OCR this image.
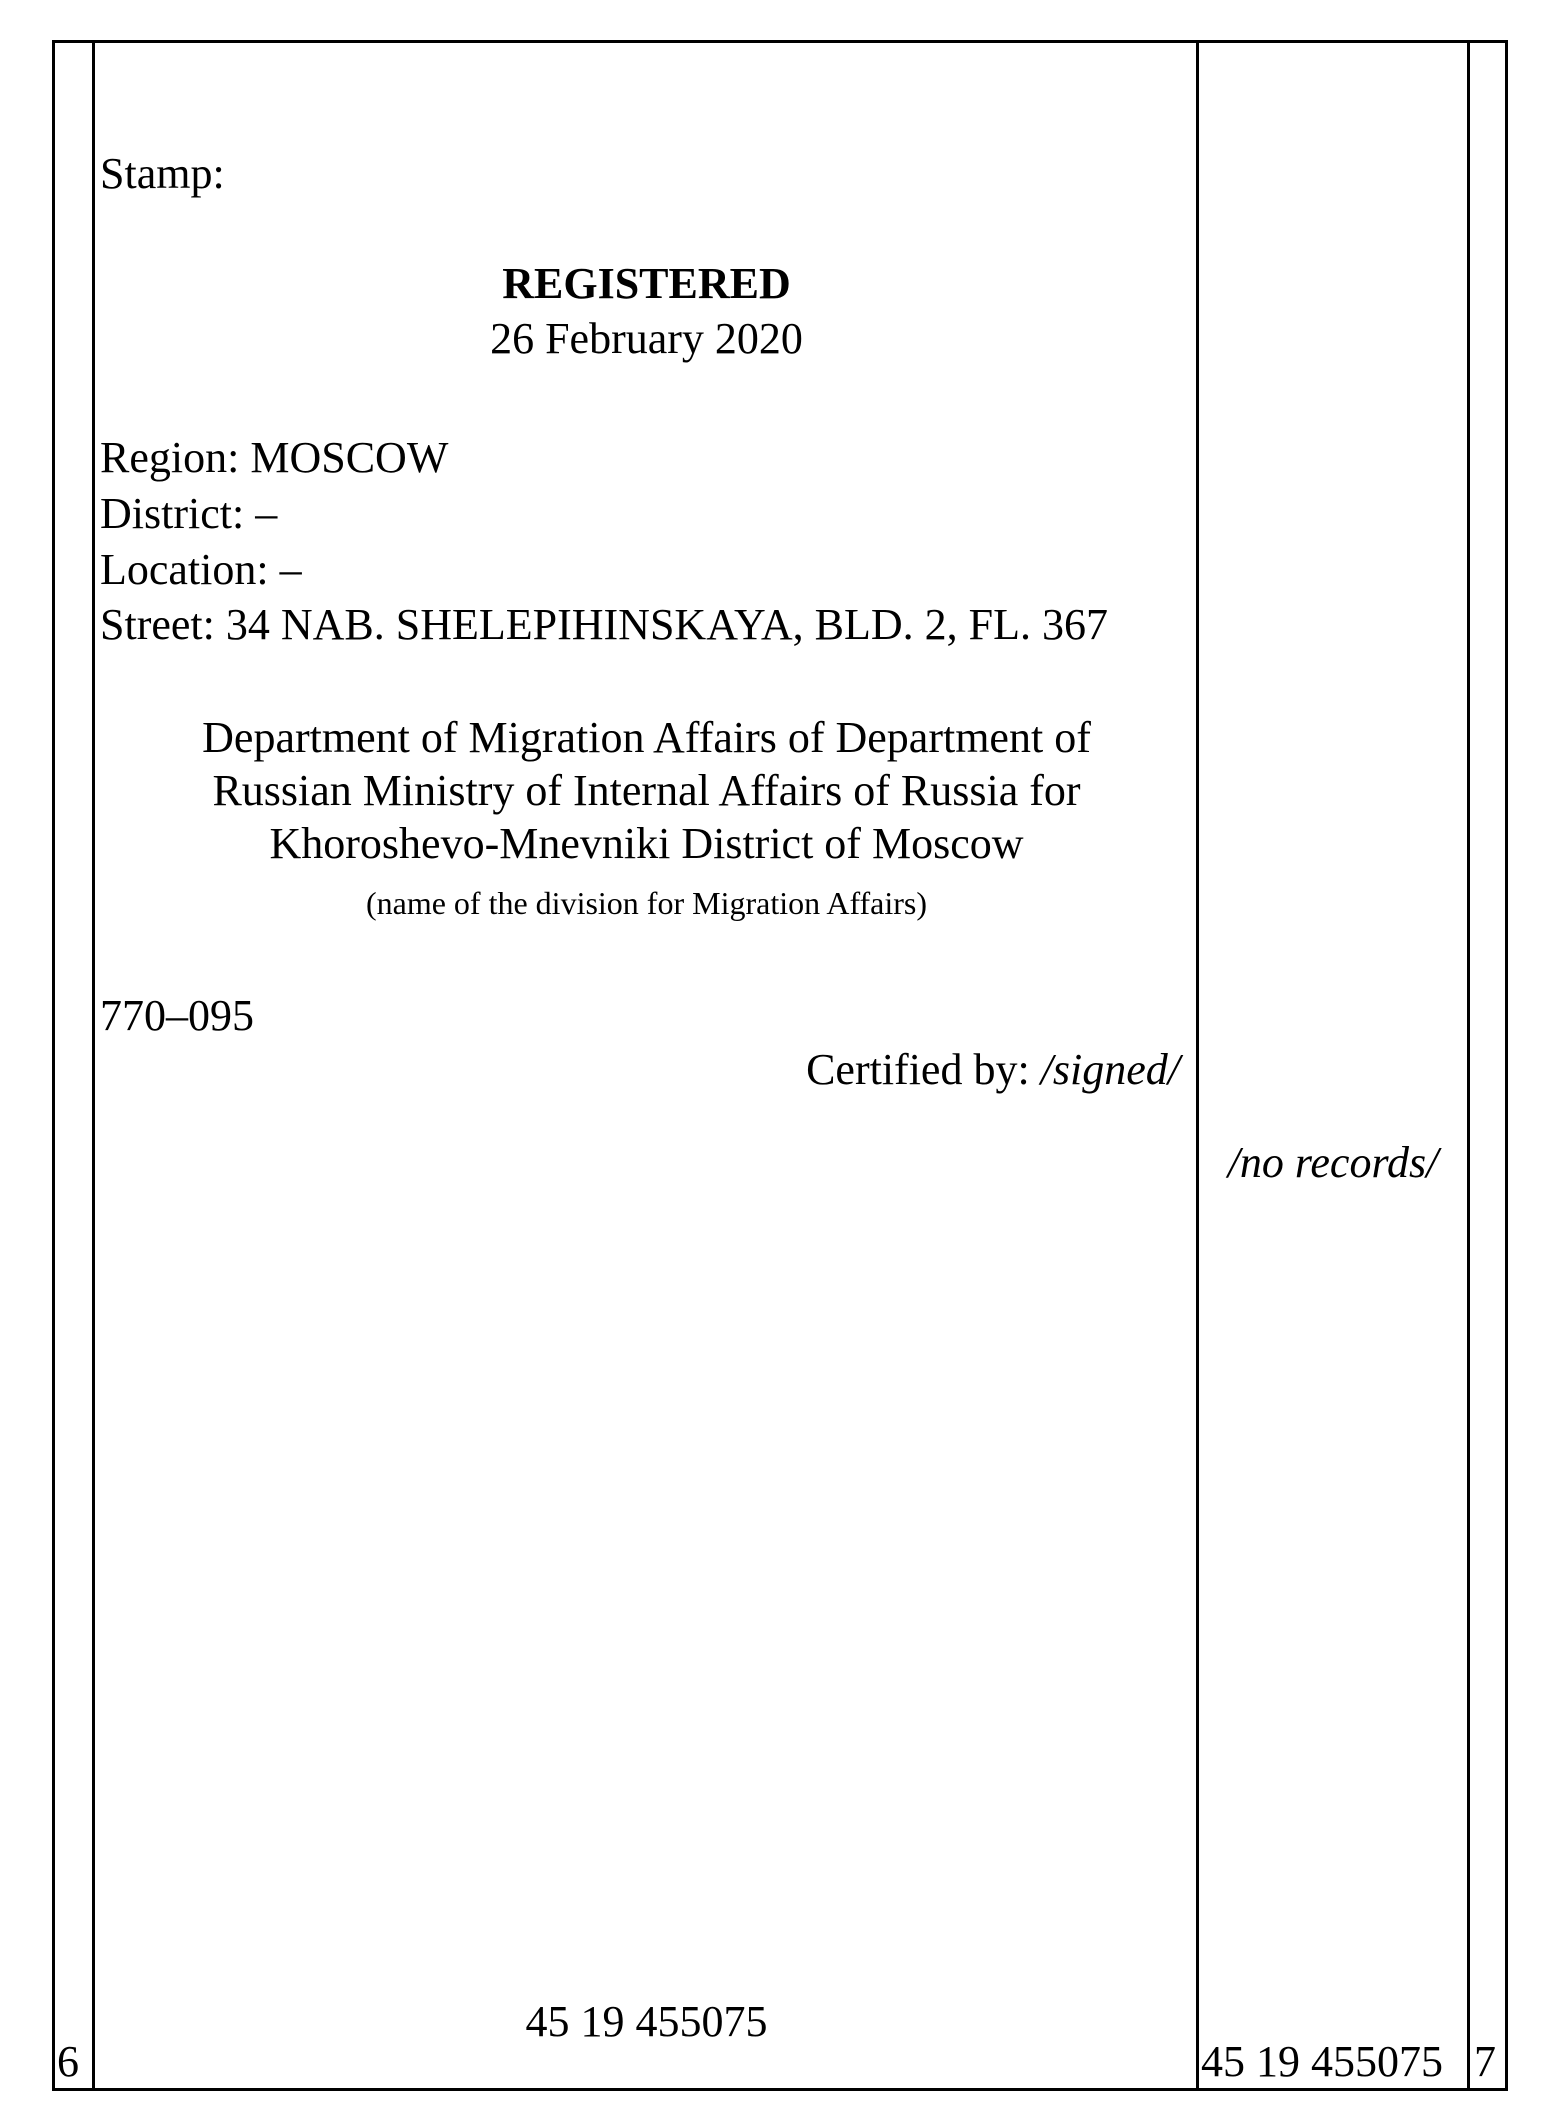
Stamp:
REGISTERED
26 February 2020
Region: MOSCOW
District: –
Location: –
Street: 34 NAB. SHELEPIHINSKAYA, BLD. 2, FL. 367
Department of Migration Affairs of Department of
Russian Ministry of Internal Affairs of Russia for
Khoroshevo-Mnevniki District of Moscow
(name of the division for Migration Affairs)
770–095
Certified by: /signed/
/no records/
45 19 455075
45 19 455075
6	7
